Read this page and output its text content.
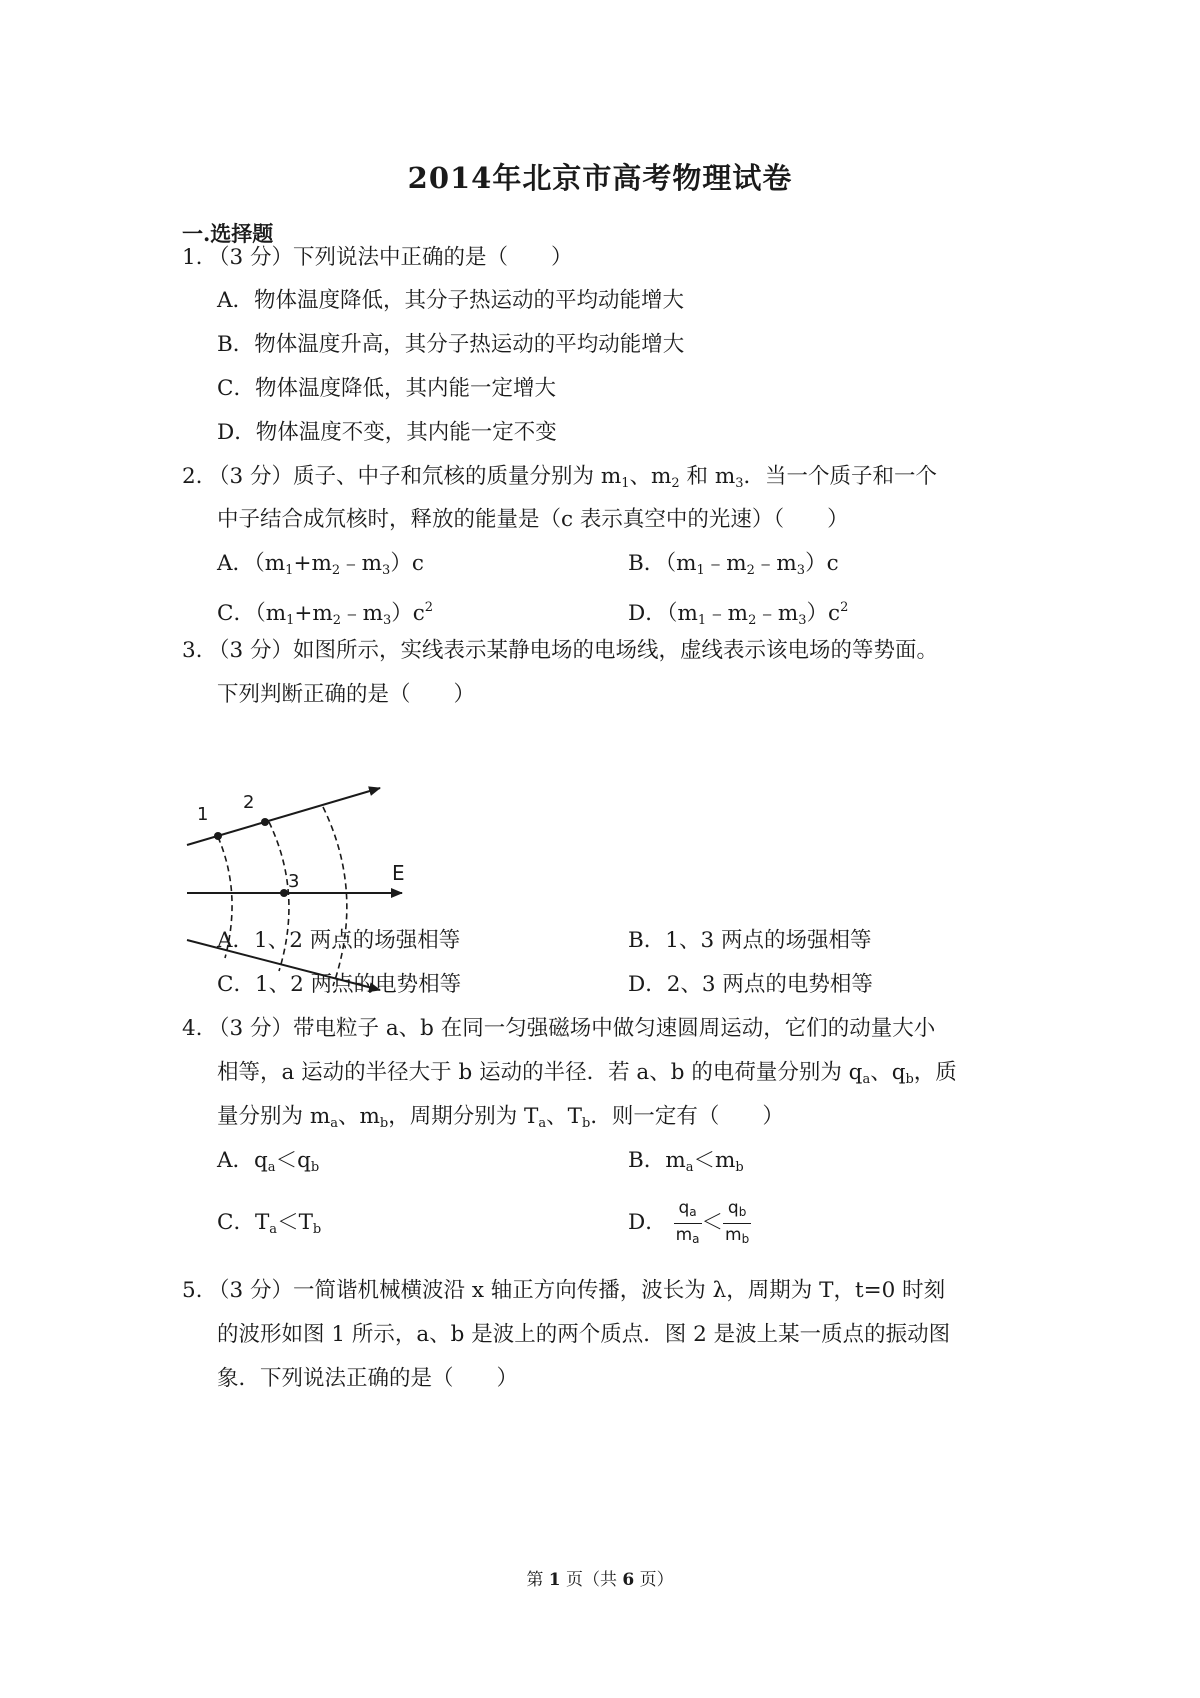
2014年北京市高考物理试卷
一.选择题
1. （3 分）下列说法中正确的是（　　）
A．物体温度降低，其分子热运动的平均动能增大
B．物体温度升高，其分子热运动的平均动能增大
C．物体温度降低，其内能一定增大
D．物体温度不变，其内能一定不变
2. （3 分）质子、中子和氘核的质量分别为 $m_1$、$m_2$ 和 $m_3$．当一个质子和一个
中子结合成氘核时，释放的能量是（c 表示真空中的光速）（　　）
A．$(m_1+m_2﹣m_3)c$	B．$(m_1﹣m_2﹣m_3)c$
C．$(m_1+m_2﹣m_3)c^2$	D．$(m_1﹣m_2﹣m_3)c^2$
3. （3 分）如图所示，实线表示某静电场的电场线，虚线表示该电场的等势面。
下列判断正确的是（　　）
1
2
3	E
A．1、2 两点的场强相等	B．1、3 两点的场强相等
C．1、2 两点的电势相等	D．2、3 两点的电势相等
4. （3 分）带电粒子 a、b 在同一匀强磁场中做匀速圆周运动，它们的动量大小
相等，a 运动的半径大于 b 运动的半径．若 a、b 的电荷量分别为 $q_a$、$q_b$，质
量分别为 $m_a$、$m_b$，周期分别为 $T_a$、$T_b$．则一定有（　　）
A．$q_a<q_b$	B．$m_a<m_b$
C．$T_a<T_b$	D． $\frac{qa}{ma} < \frac{qb}{mb}$
5. （3 分）一简谐机械横波沿 x 轴正方向传播，波长为 λ，周期为 T，t=0 时刻
的波形如图 1 所示，a、b 是波上的两个质点．图 2 是波上某一质点的振动图
象．下列说法正确的是（　　）
第 1 页（共 6 页）
